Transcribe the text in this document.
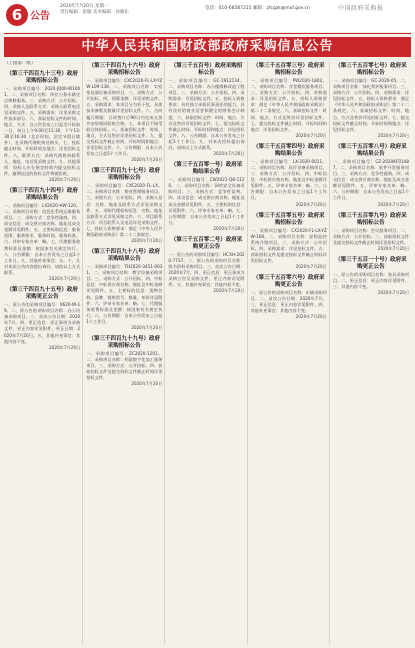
6 公告
2020年7月20日 星期一
责任编辑：张敏 美术编辑：孙晓东
电话：010-68587215 邮箱：zfcgzk@mof.gov.cn	中国政府采购报
中华人民共和国财政部政府采购信息公告
（上接第一版）
（第三千四百九十三号）政府采购招标公告
一、采购项目编号：2020-JQ00-W1001。二、采购项目名称：单位公务车辆定点维修服务。三、采购方式：公开招标。四、采购人及联系方式：采购人联系电话见采购文件。五、采购需求：详见采购文件技术部分。六、获取招标文件的时间、地点、方式：自公告发布之日起至开标前一日，每日上午9:00至11:30，下午13:30至16:30（北京时间，法定节假日除外），在采购代理机构处购买。七、投标截止时间、开标时间及地点：详见招标文件。八、联系方式：采购代理机构联系人、地址、电话见采购文件。九、其他事项：投标人应在规定时间内提交投标文件，逾期送达的投标文件将被拒收。
2020年7月20日
（第三千四百九十四号）政府采购结果公告
一、采购项目编号：LX2020-HW-120。二、采购项目名称：信息化系统运维服务项目。三、采购方式：竞争性磋商。四、成交信息：成交供应商名称、地址及成交金额详见附件。五、主要标的信息：服务范围、服务要求、服务时间、服务标准。六、评审专家名单：略。七、代理服务收费标准及金额：按国家有关规定执行。八、公告期限：自本公告发布之日起1个工作日。九、其他补充事宜：无。十、凡对本次公告内容提出询问，请按以上方式联系。
2020年7月20日
（第三千四百九十五号）政府采购更正公告
一、原公告的采购项目编号：0620-W-19。二、原公告的采购项目名称：办公设备采购项目。三、首次公告日期：2020年7月。四、更正信息：更正事项为采购文件，更正内容详见附件，更正日期：2020年7月20日。五、其他补充事宜：其他内容不变。
2020年7月20日
（第三千四百九十六号）政府采购招标公告
一、采购项目编号：CXC2020-FL-LX-YZW-L09-138。二、采购项目名称：实验室仪器设备采购项目。三、采购方式：公开招标。四、预算金额：详见采购文件。五、采购需求：本项目分为若干包，具体技术参数及数量详见招标文件。六、合同履行期限：合同签订后90日内完成交货并安装调试验收合格。七、本项目不接受联合体投标。八、获取招标文件：时间、地点、方式及售价详见招标文件。九、提交投标文件截止时间、开标时间和地点：详见招标文件。十、公告期限：自本公告发布之日起5个工作日。
2020年7月20日
（第三千四百九十七号）政府采购招标公告
一、采购项目编号：CXC2020-FL-LX。二、采购项目名称：物业管理服务项目。三、采购方式：公开招标。四、采购人信息：名称、地址及联系方式详见采购文件。五、采购代理机构信息：名称、地址及联系方式详见采购文件。六、项目联系方式：项目联系人及电话详见采购文件。七、投标人资格要求：满足《中华人民共和国政府采购法》第二十二条规定。
2020年7月20日
（第三千四百九十八号）政府采购结果公告
一、采购项目编号：TH2020-3451-0031。二、采购项目名称：教学设备采购项目。三、采购方式：公开招标。四、中标信息：中标供应商名称、地址及中标金额详见附件。五、主要标的信息：货物名称、品牌、规格型号、数量、单价详见附件。六、评审专家名单：略。七、代理服务收费标准及金额：按国家有关规定执行。八、公告期限：自本公告发布之日起1个工作日。
2020年7月20日
（第三千四百九十九号）政府采购招标公告
一、采购项目编号：ZC2020-1201。二、采购项目名称：档案数字化加工服务项目。三、采购方式：公开招标。四、获取招标文件及提交投标文件截止时间详见招标文件。
2020年7月20日
（第三千五百号）政府采购招标公告
一、采购项目编号：GC-1912134。二、采购项目名称：办公楼维修改造工程项目。三、采购方式：公开招标。四、采购需求：详见招标文件。五、投标人资格要求：具有独立承担民事责任的能力，具有良好的商业信誉和健全的财务会计制度。六、获取招标文件：时间、地点、方式及售价详见招标文件。七、提交投标文件截止时间、开标时间和地点：详见招标文件。八、公告期限：自本公告发布之日起5个工作日。九、对本次招标提出询问，请按以上方式联系。
2020年7月20日
（第三千五百零一号）政府采购结果公告
一、采购项目编号：CW2021-Q8-1120。二、采购项目名称：网络安全设备采购项目。三、采购方式：竞争性谈判。四、成交信息：成交供应商名称、地址及成交金额详见附件。五、主要标的信息：详见附件。六、评审专家名单：略。七、公告期限：自本公告发布之日起1个工作日。
2020年7月20日
（第三千五百零二号）政府采购更正公告
一、原公告的采购项目编号：HCXH-2020-7737。二、原公告的采购项目名称：图书资料采购项目。三、首次公告日期：2020年7月。四、更正信息：更正事项为采购公告及采购文件，更正内容详见附件。五、其他补充事宜：其他内容不变。
2020年7月20日
（第三千五百零三号）政府采购招标公告
一、采购项目编号：PW2020-1802。二、采购项目名称：食堂餐饮服务项目。三、采购方式：公开招标。四、采购需求：详见招标文件。五、投标人资格要求：满足《中华人民共和国政府采购法》第二十二条规定。六、获取招标文件：时间、地点、方式及售价详见招标文件。七、提交投标文件截止时间、开标时间和地点：详见招标文件。
2020年7月20日
（第三千五百零四号）政府采购结果公告
一、采购项目编号：LX-2020-0011。二、采购项目名称：医疗设备采购项目。三、采购方式：公开招标。四、中标信息：中标供应商名称、地址及中标金额详见附件。五、评审专家名单：略。六、公告期限：自本公告发布之日起1个工作日。
2020年7月20日
（第三千五百零五号）政府采购招标公告
一、采购项目编号：CX2020-FL-LX-YZW-168。二、采购项目名称：安防监控系统升级项目。三、采购方式：公开招标。四、采购需求：详见招标文件。五、获取招标文件及提交投标文件截止时间详见招标文件。
2020年7月20日
（第三千五百零六号）政府采购更正公告
一、原公告的采购项目名称：车辆采购项目。二、首次公告日期：2020年7月。三、更正信息：更正内容详见附件。四、其他补充事宜：其他内容不变。
2020年7月20日
（第三千五百零七号）政府采购招标公告
一、采购项目编号：GC-2020-05。二、采购项目名称：绿化养护服务项目。三、采购方式：公开招标。四、采购需求：详见招标文件。五、投标人资格要求：满足《中华人民共和国政府采购法》第二十二条规定。六、获取招标文件：时间、地点、方式及售价详见招标文件。七、提交投标文件截止时间、开标时间和地点：详见招标文件。
2020年7月20日
（第三千五百零八号）政府采购结果公告
一、采购项目编号：CZ-2020KF01487。二、采购项目名称：软件开发服务项目。三、采购方式：竞争性磋商。四、成交信息：成交供应商名称、地址及成交金额详见附件。五、评审专家名单：略。六、公告期限：自本公告发布之日起1个工作日。
2020年7月20日
（第三千五百零九号）政府采购招标公告
一、采购项目名称：会议服务项目。二、采购方式：公开招标。三、获取招标文件及提交投标文件截止时间详见招标文件。
2020年7月20日
（第三千五百一十号）政府采购更正公告
一、原公告的采购项目名称：家具采购项目。二、更正信息：更正内容详见附件。三、其他内容不变。
2020年7月20日
